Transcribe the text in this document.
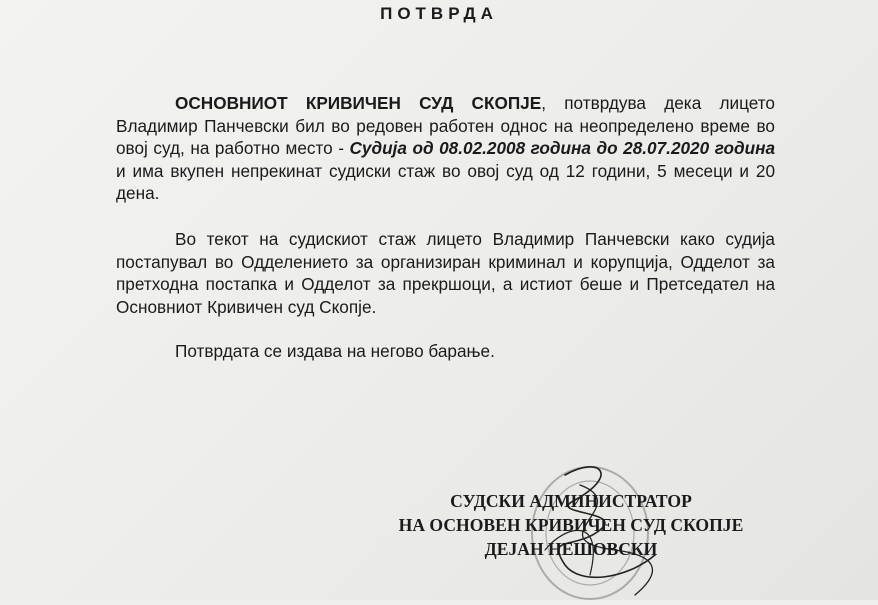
ПОТВРДА

ОСНОВНИОТ КРИВИЧЕН СУД СКОПЈЕ, потврдува дека лицето Владимир Панчевски бил во редовен работен однос на неопределено време во овој суд, на работно место - Судија од 08.02.2008 година до 28.07.2020 година и има вкупен непрекинат судиски стаж во овој суд од 12 години, 5 месеци и 20 дена.

Во текот на судискиот стаж лицето Владимир Панчевски како судија постапувал во Одделението за организиран криминал и корупција, Одделот за претходна постапка и Одделот за прекршоци, а истиот беше и Претседател на Основниот Кривичен суд Скопје.

Потврдата се издава на негово барање.

СУДСКИ АДМИНИСТРАТОР
НА ОСНОВЕН КРИВИЧЕН СУД СКОПЈЕ
ДЕЈАН НЕШОВСКИ
